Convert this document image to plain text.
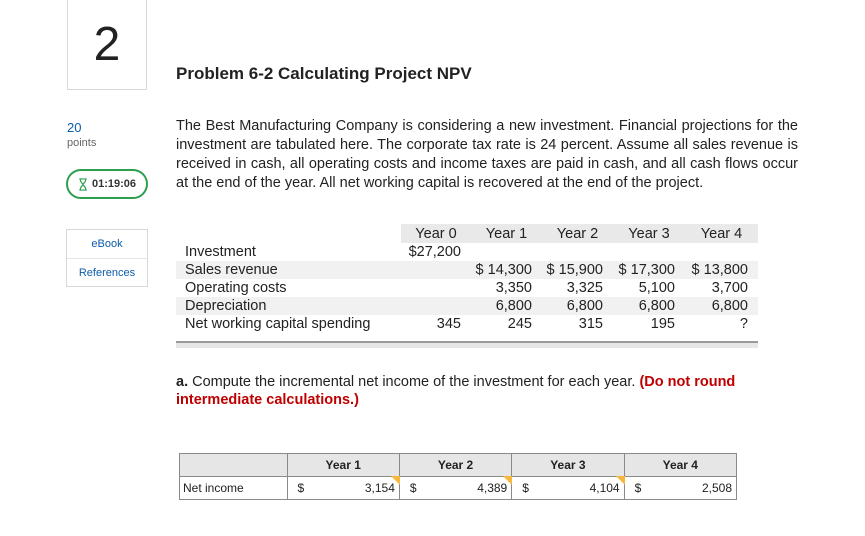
2
20
points
01:19:06
eBook
References
Problem 6-2 Calculating Project NPV
The Best Manufacturing Company is considering a new investment. Financial projections for the investment are tabulated here. The corporate tax rate is 24 percent. Assume all sales revenue is received in cash, all operating costs and income taxes are paid in cash, and all cash flows occur at the end of the year. All net working capital is recovered at the end of the project.
	Year 0	Year 1	Year 2	Year 3	Year 4
Investment	$27,200				
Sales revenue		$ 14,300	$ 15,900	$ 17,300	$ 13,800
Operating costs		3,350	3,325	5,100	3,700
Depreciation		6,800	6,800	6,800	6,800
Net working capital spending	345	245	315	195	?
a. Compute the incremental net income of the investment for each year. (Do not round intermediate calculations.)
	Year 1	Year 2	Year 3	Year 4
Net income	$ 3,154	$ 4,389	$ 4,104	$ 2,508
